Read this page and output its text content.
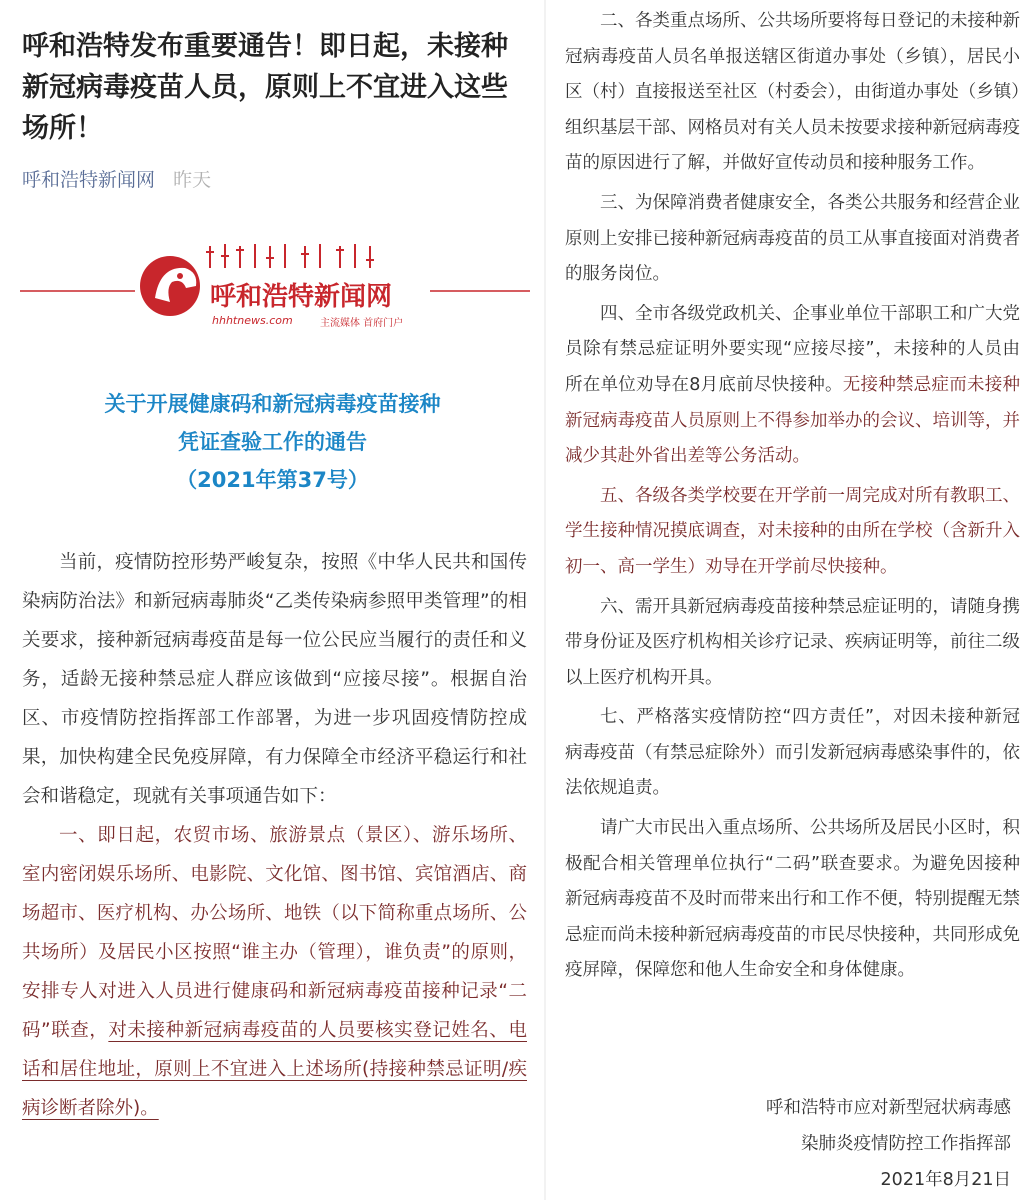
呼和浩特发布重要通告！即日起，未接种新冠病毒疫苗人员，原则上不宜进入这些场所！
呼和浩特新闻网 昨天
呼和浩特新闻网
hhhtnews.com	主流媒体 首府门户
关于开展健康码和新冠病毒疫苗接种
凭证查验工作的通告
（2021年第37号）

当前，疫情防控形势严峻复杂，按照《中华人民共和国传染病防治法》和新冠病毒肺炎“乙类传染病参照甲类管理”的相关要求，接种新冠病毒疫苗是每一位公民应当履行的责任和义务，适龄无接种禁忌症人群应该做到“应接尽接”。根据自治区、市疫情防控指挥部工作部署，为进一步巩固疫情防控成果，加快构建全民免疫屏障，有力保障全市经济平稳运行和社会和谐稳定，现就有关事项通告如下：

一、即日起，农贸市场、旅游景点（景区）、游乐场所、室内密闭娱乐场所、电影院、文化馆、图书馆、宾馆酒店、商场超市、医疗机构、办公场所、地铁（以下简称重点场所、公共场所）及居民小区按照“谁主办（管理），谁负责”的原则，安排专人对进入人员进行健康码和新冠病毒疫苗接种记录“二码”联查，对未接种新冠病毒疫苗的人员要核实登记姓名、电话和居住地址，原则上不宜进入上述场所(持接种禁忌证明/疾病诊断者除外)。

二、各类重点场所、公共场所要将每日登记的未接种新冠病毒疫苗人员名单报送辖区街道办事处（乡镇），居民小区（村）直接报送至社区（村委会），由街道办事处（乡镇）组织基层干部、网格员对有关人员未按要求接种新冠病毒疫苗的原因进行了解，并做好宣传动员和接种服务工作。

三、为保障消费者健康安全，各类公共服务和经营企业原则上安排已接种新冠病毒疫苗的员工从事直接面对消费者的服务岗位。

四、全市各级党政机关、企事业单位干部职工和广大党员除有禁忌症证明外要实现“应接尽接”，未接种的人员由所在单位劝导在8月底前尽快接种。无接种禁忌症而未接种新冠病毒疫苗人员原则上不得参加举办的会议、培训等，并减少其赴外省出差等公务活动。

五、各级各类学校要在开学前一周完成对所有教职工、学生接种情况摸底调查，对未接种的由所在学校（含新升入初一、高一学生）劝导在开学前尽快接种。

六、需开具新冠病毒疫苗接种禁忌症证明的，请随身携带身份证及医疗机构相关诊疗记录、疾病证明等，前往二级以上医疗机构开具。

七、严格落实疫情防控“四方责任”，对因未接种新冠病毒疫苗（有禁忌症除外）而引发新冠病毒感染事件的，依法依规追责。

请广大市民出入重点场所、公共场所及居民小区时，积极配合相关管理单位执行“二码”联查要求。为避免因接种新冠病毒疫苗不及时而带来出行和工作不便，特别提醒无禁忌症而尚未接种新冠病毒疫苗的市民尽快接种，共同形成免疫屏障，保障您和他人生命安全和身体健康。

呼和浩特市应对新型冠状病毒感
染肺炎疫情防控工作指挥部
2021年8月21日
